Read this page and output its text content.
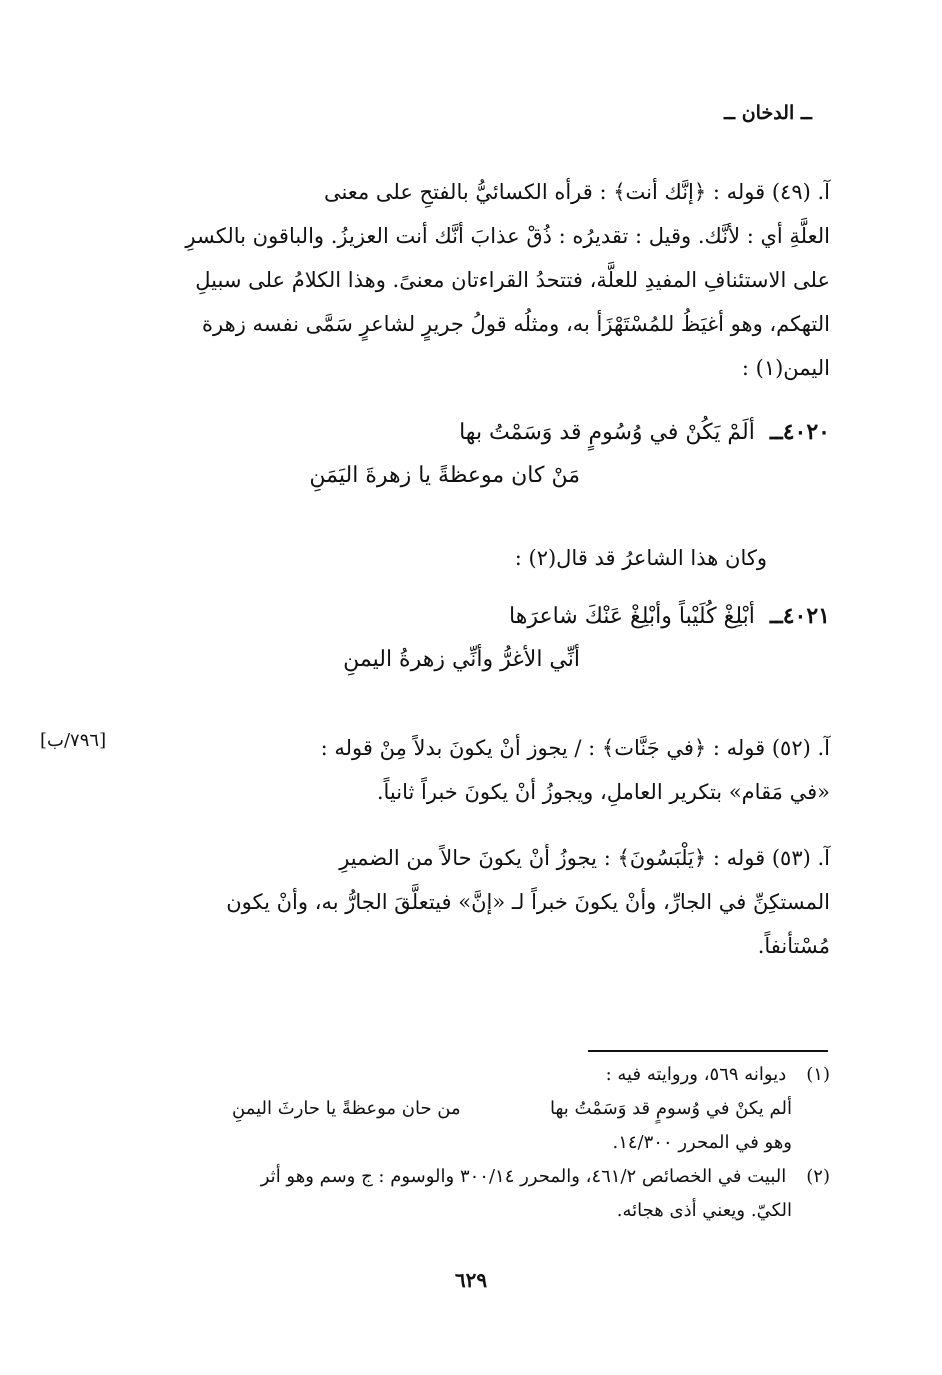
ــ الدخان ــ
آ. (٤٩) قوله : ﴿إنَّك أنت﴾ : قرأه الكسائيُّ بالفتحِ على معنى
العلَّةِ أي : لأنَّك. وقيل : تقديرُه : ذُقْ عذابَ أنَّك أنت العزيزُ. والباقون بالكسرِ
على الاستئنافِ المفيدِ للعلَّة، فتتحدُ القراءتان معنىً. وهذا الكلامُ على سبيلِ
التهكم، وهو أغيَظُ للمُسْتَهْزَأ به، ومثلُه قولُ جريرٍ لشاعرٍ سَمَّى نفسه زهرة
اليمن(١) :
٤٠٢٠ــ ألَمْ يَكُنْ في وُسُومٍ قد وَسَمْتُ بها
مَنْ كان موعظةً يا زهرةَ اليَمَنِ
وكان هذا الشاعرُ قد قال(٢) :
٤٠٢١ــ أبْلِغْ كُلَيْباً وأبْلِغْ عَنْكَ شاعرَها
أنِّي الأغرُّ وأنِّي زهرةُ اليمنِ
[٧٩٦/ب]	آ. (٥٢) قوله : ﴿في جَنَّات﴾ : / يجوز أنْ يكونَ بدلاً مِنْ قوله :
«في مَقام» بتكرير العاملِ، ويجوزُ أنْ يكونَ خبراً ثانياً.
آ. (٥٣) قوله : ﴿يَلْبَسُونَ﴾ : يجوزُ أنْ يكونَ حالاً من الضميرِ
المستكِنِّ في الجارِّ، وأنْ يكونَ خبراً لـ «إنَّ» فيتعلَّقَ الجارُّ به، وأنْ يكون
مُسْتأنفاً.
(١) ديوانه ٥٦٩، وروايته فيه :
ألم يكنْ في وُسومٍ قد وَسَمْتُ بها
من حان موعظةً يا حارثَ اليمنِ
وهو في المحرر ١٤/٣٠٠.
(٢) البيت في الخصائص ٤٦١/٢، والمحرر ٣٠٠/١٤ والوسوم : ج وسم وهو أثر
الكيّ. ويعني أذى هجائه.
٦٢٩
